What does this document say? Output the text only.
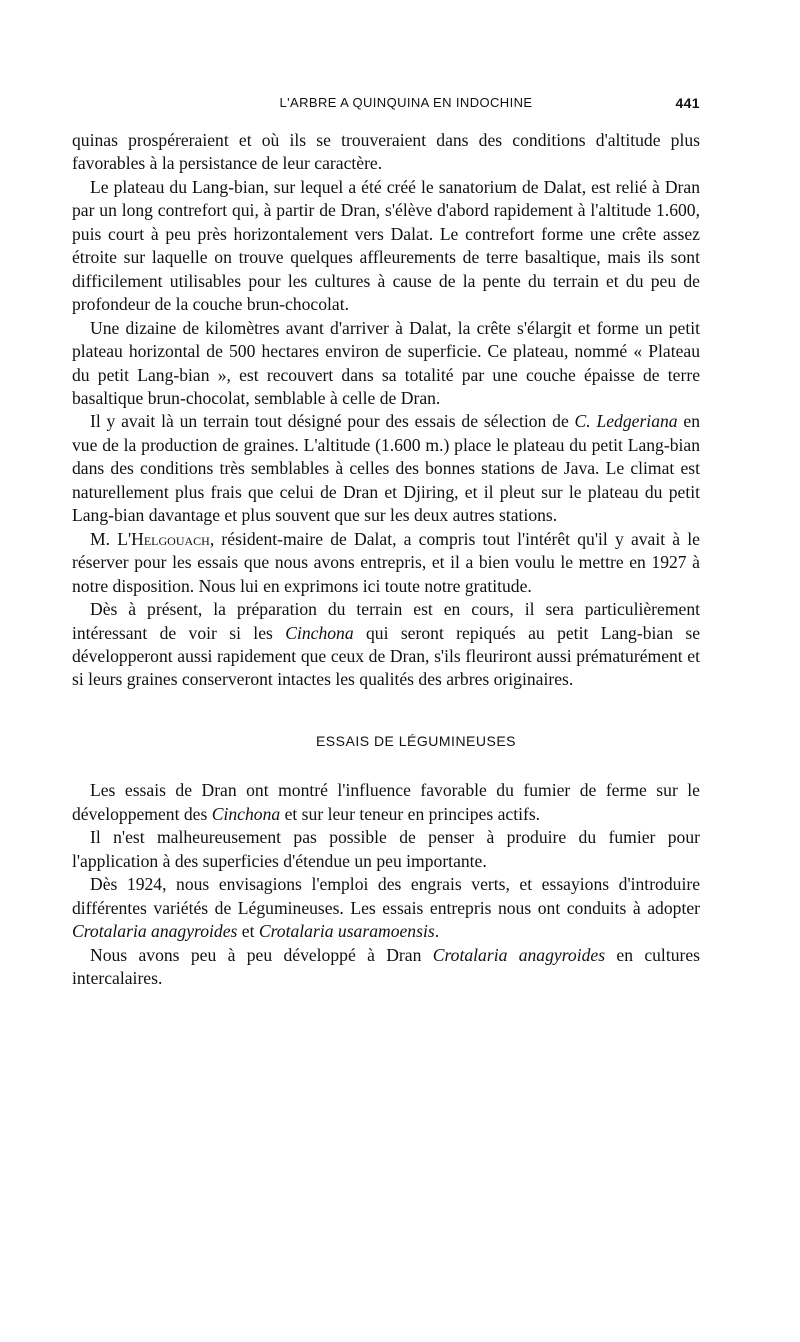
L'ARBRE A QUINQUINA EN INDOCHINE	441

quinas prospéreraient et où ils se trouveraient dans des conditions d'altitude plus favorables à la persistance de leur caractère.

Le plateau du Lang-bian, sur lequel a été créé le sanatorium de Dalat, est relié à Dran par un long contrefort qui, à partir de Dran, s'élève d'abord rapidement à l'altitude 1.600, puis court à peu près horizontalement vers Dalat. Le contrefort forme une crête assez étroite sur laquelle on trouve quelques affleurements de terre basaltique, mais ils sont difficilement utilisables pour les cultures à cause de la pente du terrain et du peu de profondeur de la couche brun-chocolat.

Une dizaine de kilomètres avant d'arriver à Dalat, la crête s'élargit et forme un petit plateau horizontal de 500 hectares environ de superficie. Ce plateau, nommé « Plateau du petit Lang-bian », est recouvert dans sa totalité par une couche épaisse de terre basaltique brun-chocolat, semblable à celle de Dran.

Il y avait là un terrain tout désigné pour des essais de sélection de C. Ledgeriana en vue de la production de graines. L'altitude (1.600 m.) place le plateau du petit Lang-bian dans des conditions très semblables à celles des bonnes stations de Java. Le climat est naturellement plus frais que celui de Dran et Djiring, et il pleut sur le plateau du petit Lang-bian davantage et plus souvent que sur les deux autres stations.

M. L'Helgouach, résident-maire de Dalat, a compris tout l'intérêt qu'il y avait à le réserver pour les essais que nous avons entrepris, et il a bien voulu le mettre en 1927 à notre disposition. Nous lui en exprimons ici toute notre gratitude.

Dès à présent, la préparation du terrain est en cours, il sera particulièrement intéressant de voir si les Cinchona qui seront repiqués au petit Lang-bian se développeront aussi rapidement que ceux de Dran, s'ils fleuriront aussi prématurément et si leurs graines conserveront intactes les qualités des arbres originaires.

ESSAIS DE LÉGUMINEUSES

Les essais de Dran ont montré l'influence favorable du fumier de ferme sur le développement des Cinchona et sur leur teneur en principes actifs.

Il n'est malheureusement pas possible de penser à produire du fumier pour l'application à des superficies d'étendue un peu importante.

Dès 1924, nous envisagions l'emploi des engrais verts, et essayions d'introduire différentes variétés de Légumineuses. Les essais entrepris nous ont conduits à adopter Crotalaria anagyroides et Crotalaria usaramoensis.

Nous avons peu à peu développé à Dran Crotalaria anagyroides en cultures intercalaires.
